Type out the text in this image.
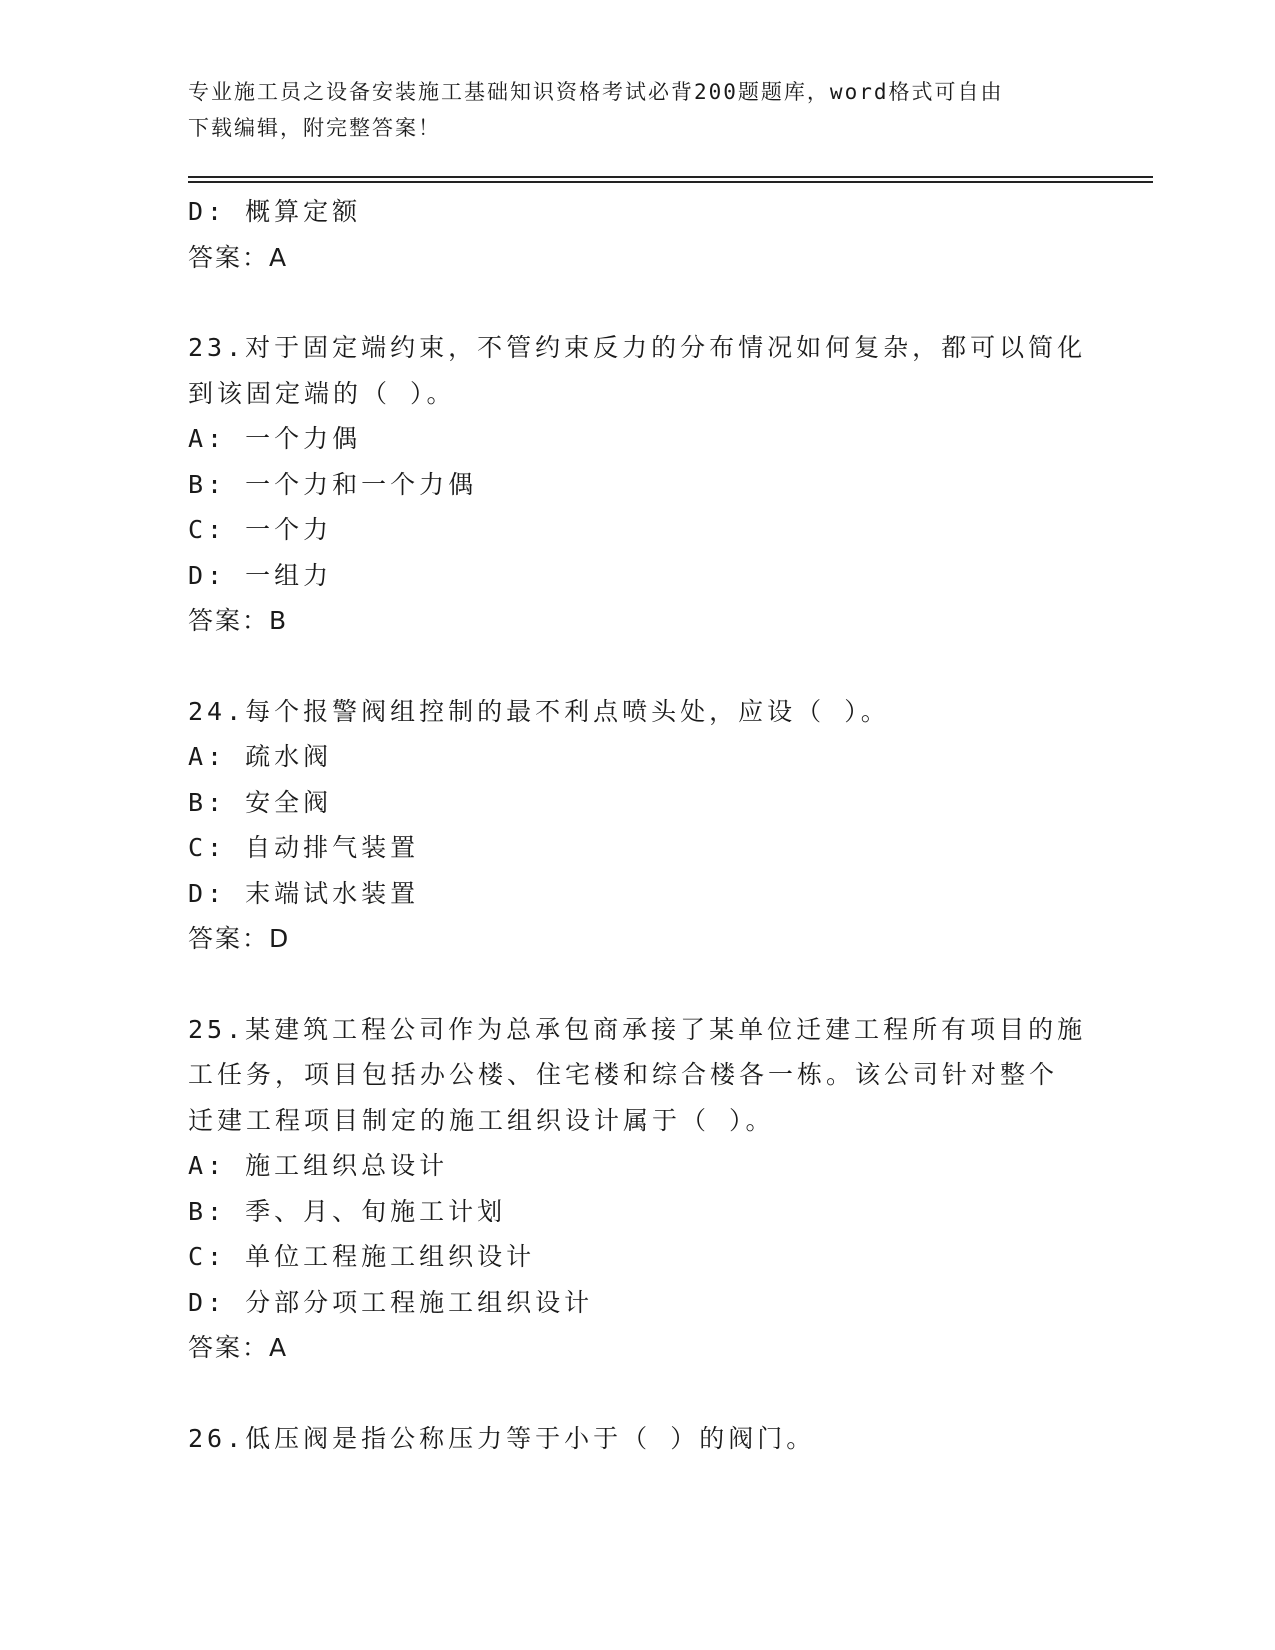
专业施工员之设备安装施工基础知识资格考试必背200题题库，word格式可自由
下载编辑，附完整答案！
D: 概算定额
答案：A
23.对于固定端约束，不管约束反力的分布情况如何复杂，都可以简化
到该固定端的（ ）。
A: 一个力偶
B: 一个力和一个力偶
C: 一个力
D: 一组力
答案：B
24.每个报警阀组控制的最不利点喷头处，应设（ ）。
A: 疏水阀
B: 安全阀
C: 自动排气装置
D: 末端试水装置
答案：D
25.某建筑工程公司作为总承包商承接了某单位迁建工程所有项目的施
工任务，项目包括办公楼、住宅楼和综合楼各一栋。该公司针对整个
迁建工程项目制定的施工组织设计属于（ ）。
A: 施工组织总设计
B: 季、月、旬施工计划
C: 单位工程施工组织设计
D: 分部分项工程施工组织设计
答案：A
26.低压阀是指公称压力等于小于（ ）的阀门。
